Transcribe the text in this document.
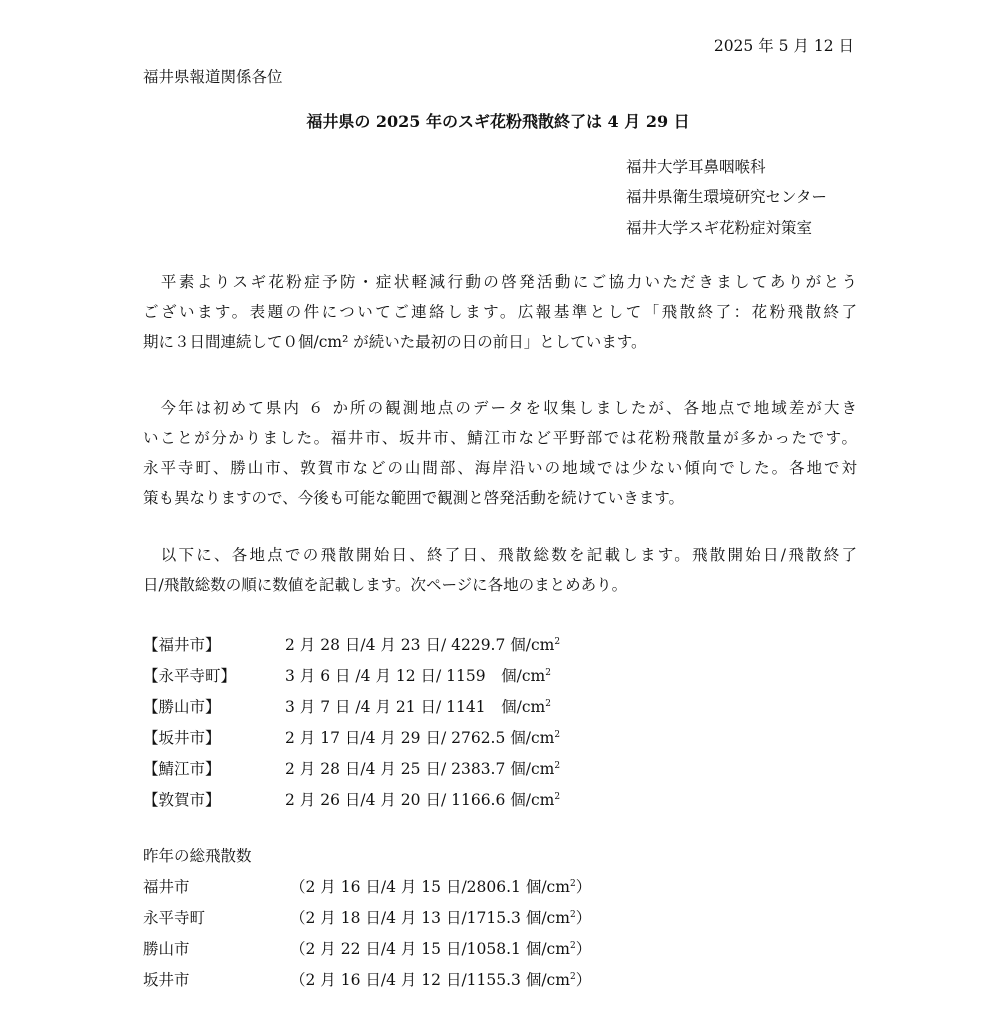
2025 年 5 月 12 日
福井県報道関係各位
福井県の 2025 年のスギ花粉飛散終了は 4 月 29 日
福井大学耳鼻咽喉科
福井県衛生環境研究センター
福井大学スギ花粉症対策室
　平素よりスギ花粉症予防・症状軽減行動の啓発活動にご協力いただきましてありがとう
ございます。表題の件についてご連絡します。広報基準として「飛散終了：花粉飛散終了
期に３日間連続して０個/cm² が続いた最初の日の前日」としています。
　今年は初めて県内 ６ か所の観測地点のデータを収集しましたが、各地点で地域差が大き
いことが分かりました。福井市、坂井市、鯖江市など平野部では花粉飛散量が多かったです。
永平寺町、勝山市、敦賀市などの山間部、海岸沿いの地域では少ない傾向でした。各地で対
策も異なりますので、今後も可能な範囲で観測と啓発活動を続けていきます。
　以下に、各地点での飛散開始日、終了日、飛散総数を記載します。飛散開始日/飛散終了
日/飛散総数の順に数値を記載します。次ページに各地のまとめあり。
【福井市】	2 月 28 日/4 月 23 日/ 4229.7 個$/cm^2$
【永平寺町】	3 月 6 日 /4 月 12 日/ 1159　個$/cm^2$
【勝山市】	3 月 7 日 /4 月 21 日/ 1141　個$/cm^2$
【坂井市】	2 月 17 日/4 月 29 日/ 2762.5 個$/cm^2$
【鯖江市】	2 月 28 日/4 月 25 日/ 2383.7 個$/cm^2$
【敦賀市】	2 月 26 日/4 月 20 日/ 1166.6 個$/cm^2$
昨年の総飛散数
福井市	（2 月 16 日/4 月 15 日/2806.1 個$/cm^2$）
永平寺町	（2 月 18 日/4 月 13 日/1715.3 個$/cm^2$）
勝山市	（2 月 22 日/4 月 15 日/1058.1 個$/cm^2$）
坂井市	（2 月 16 日/4 月 12 日/1155.3 個$/cm^2$）
